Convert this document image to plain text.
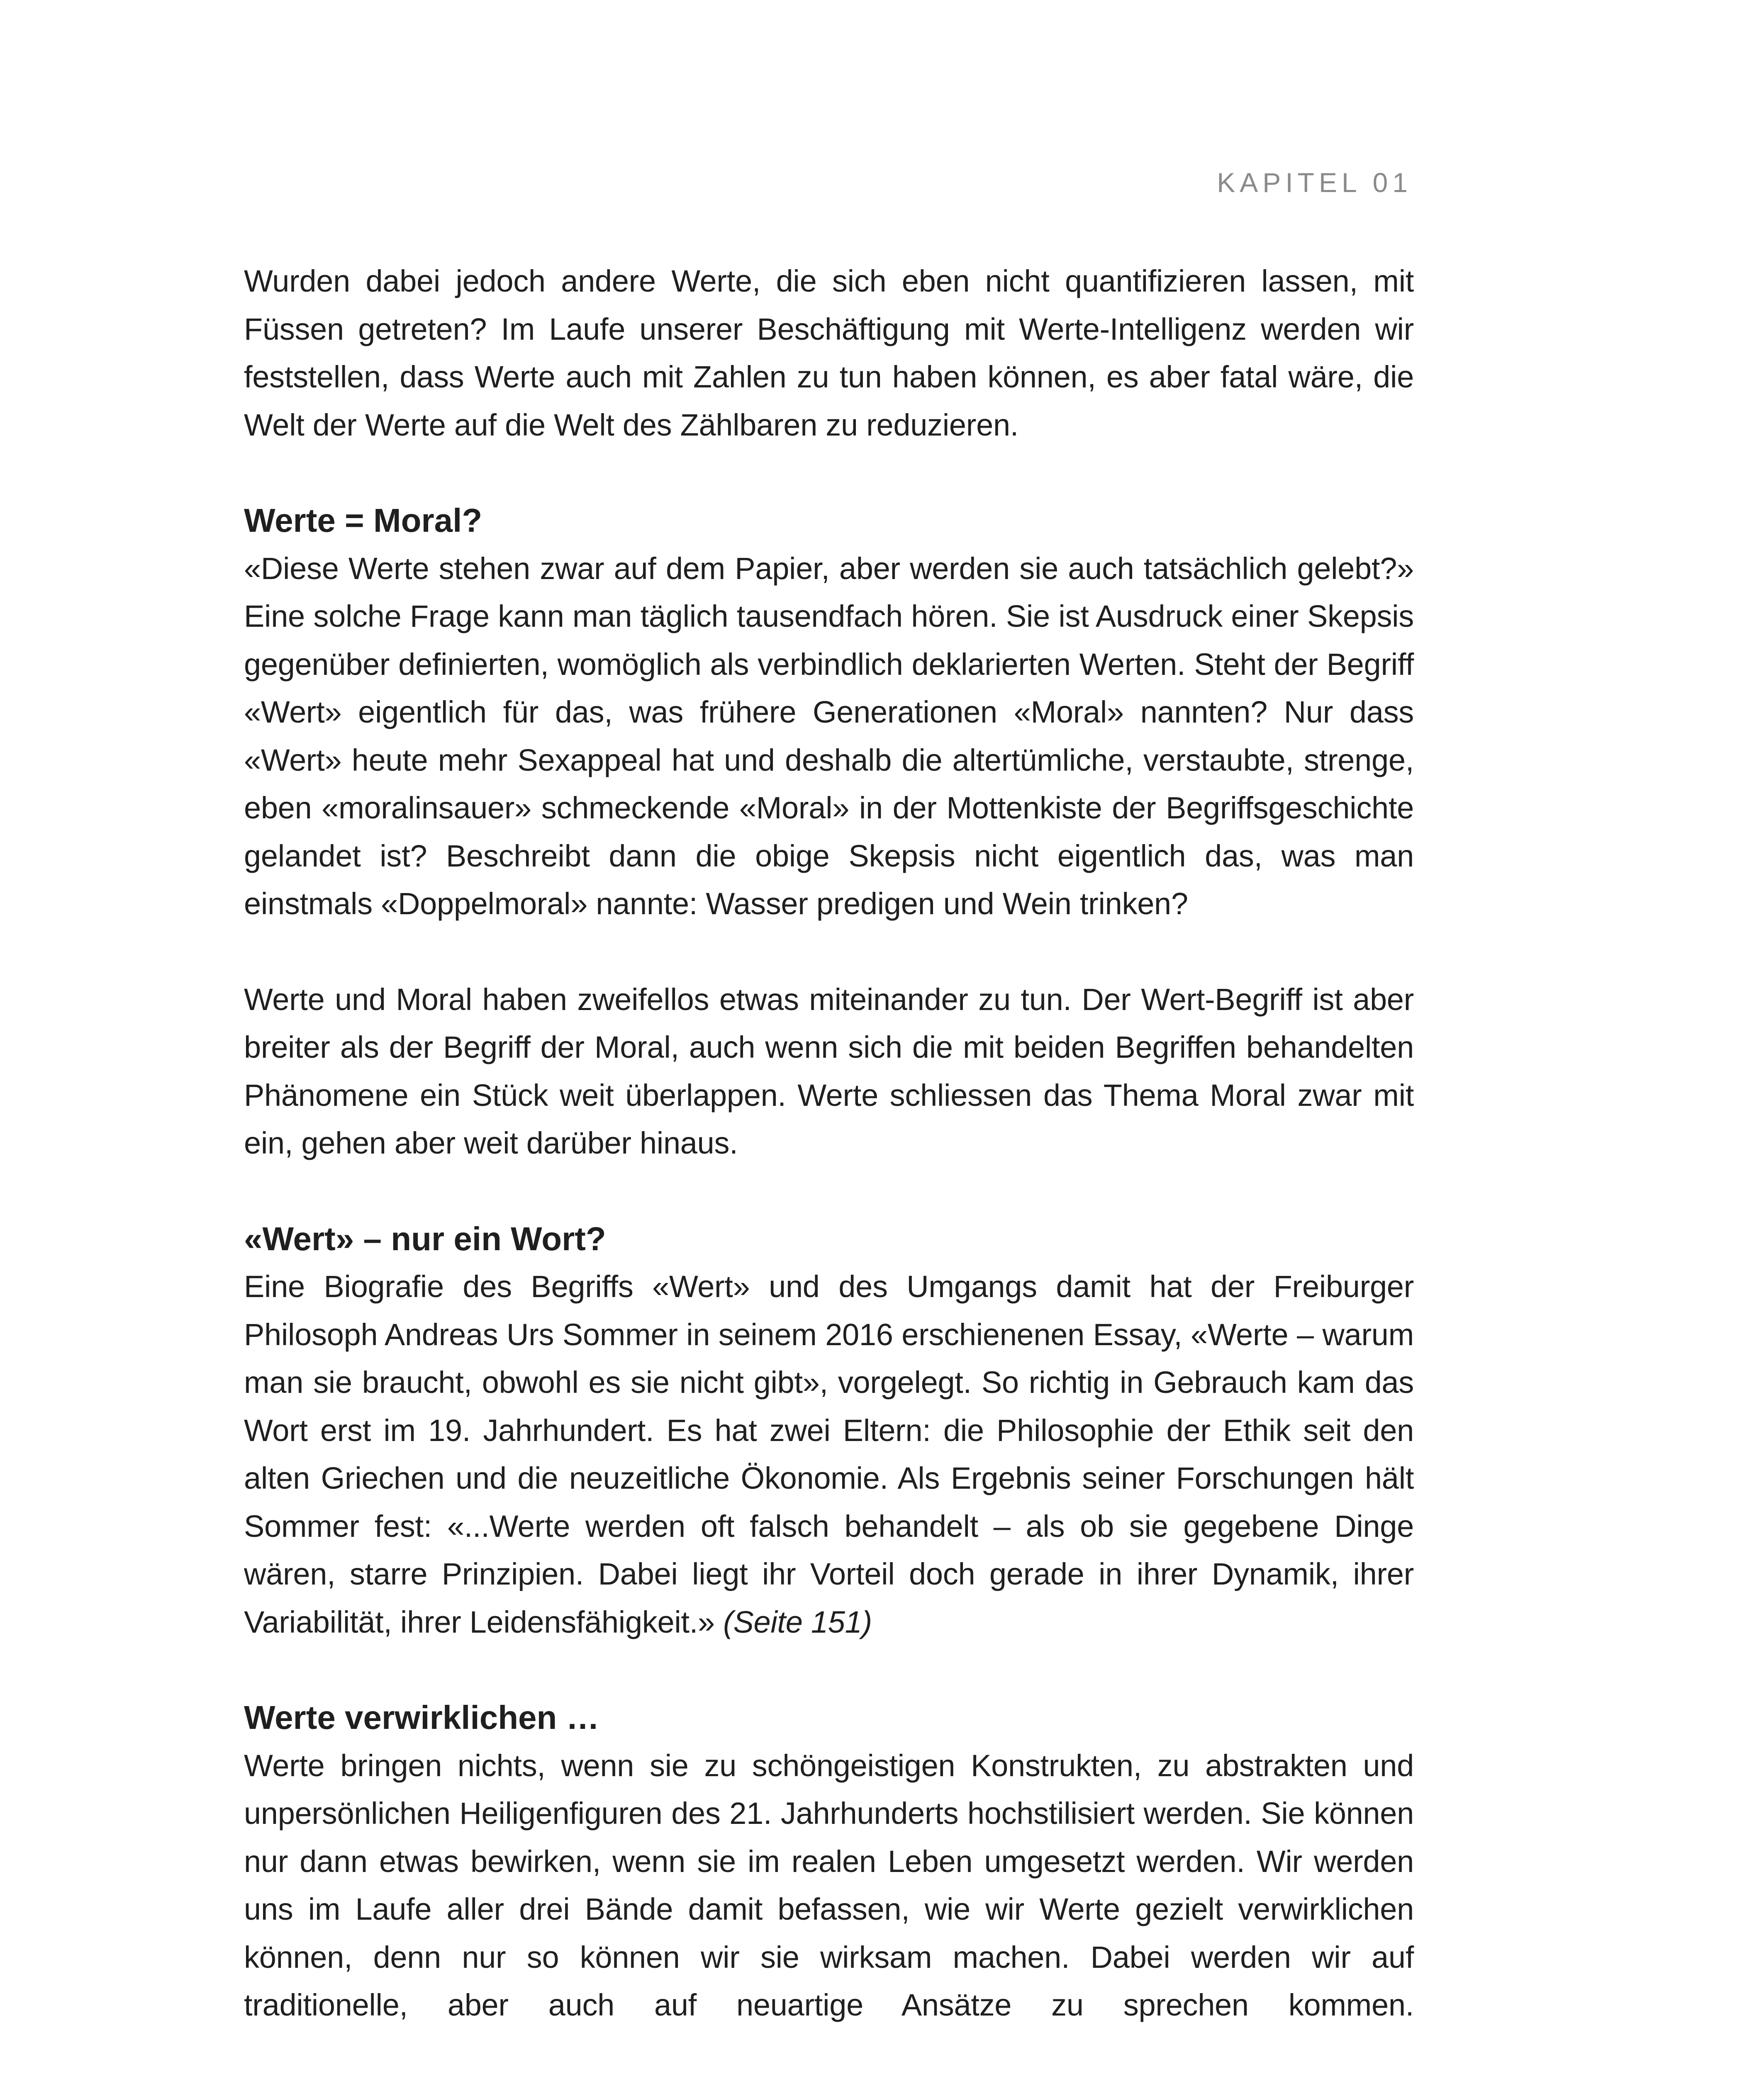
KAPITEL 01

Wurden dabei jedoch andere Werte, die sich eben nicht quantifizieren lassen, mit Füssen getreten? Im Laufe unserer Beschäftigung mit Werte-Intelligenz werden wir feststellen, dass Werte auch mit Zahlen zu tun haben können, es aber fatal wäre, die Welt der Werte auf die Welt des Zählbaren zu reduzieren.

Werte = Moral?

«Diese Werte stehen zwar auf dem Papier, aber werden sie auch tatsächlich gelebt?» Eine solche Frage kann man täglich tausendfach hören. Sie ist Ausdruck einer Skepsis gegenüber definierten, womöglich als verbindlich deklarierten Werten. Steht der Begriff «Wert» eigentlich für das, was frühere Generationen «Moral» nannten? Nur dass «Wert» heute mehr Sexappeal hat und deshalb die altertümliche, verstaubte, strenge, eben «moralinsauer» schmeckende «Moral» in der Mottenkiste der Begriffsgeschichte gelandet ist? Beschreibt dann die obige Skepsis nicht eigentlich das, was man einstmals «Doppelmoral» nannte: Wasser predigen und Wein trinken?

Werte und Moral haben zweifellos etwas miteinander zu tun. Der Wert-Begriff ist aber breiter als der Begriff der Moral, auch wenn sich die mit beiden Begriffen behandelten Phänomene ein Stück weit überlappen. Werte schliessen das Thema Moral zwar mit ein, gehen aber weit darüber hinaus.

«Wert» – nur ein Wort?

Eine Biografie des Begriffs «Wert» und des Umgangs damit hat der Freiburger Philosoph Andreas Urs Sommer in seinem 2016 erschienenen Essay, «Werte – warum man sie braucht, obwohl es sie nicht gibt», vorgelegt. So richtig in Gebrauch kam das Wort erst im 19. Jahrhundert. Es hat zwei Eltern: die Philosophie der Ethik seit den alten Griechen und die neuzeitliche Ökonomie. Als Ergebnis seiner Forschungen hält Sommer fest: «...Werte werden oft falsch behandelt – als ob sie gegebene Dinge wären, starre Prinzipien. Dabei liegt ihr Vorteil doch gerade in ihrer Dynamik, ihrer Variabilität, ihrer Leidensfähigkeit.» (Seite 151)

Werte verwirklichen …

Werte bringen nichts, wenn sie zu schöngeistigen Konstrukten, zu abstrakten und unpersönlichen Heiligenfiguren des 21. Jahrhunderts hochstilisiert werden. Sie können nur dann etwas bewirken, wenn sie im realen Leben umgesetzt werden. Wir werden uns im Laufe aller drei Bände damit befassen, wie wir Werte gezielt verwirklichen können, denn nur so können wir sie wirksam machen. Dabei werden wir auf traditionelle, aber auch auf neuartige Ansätze zu sprechen kommen.
